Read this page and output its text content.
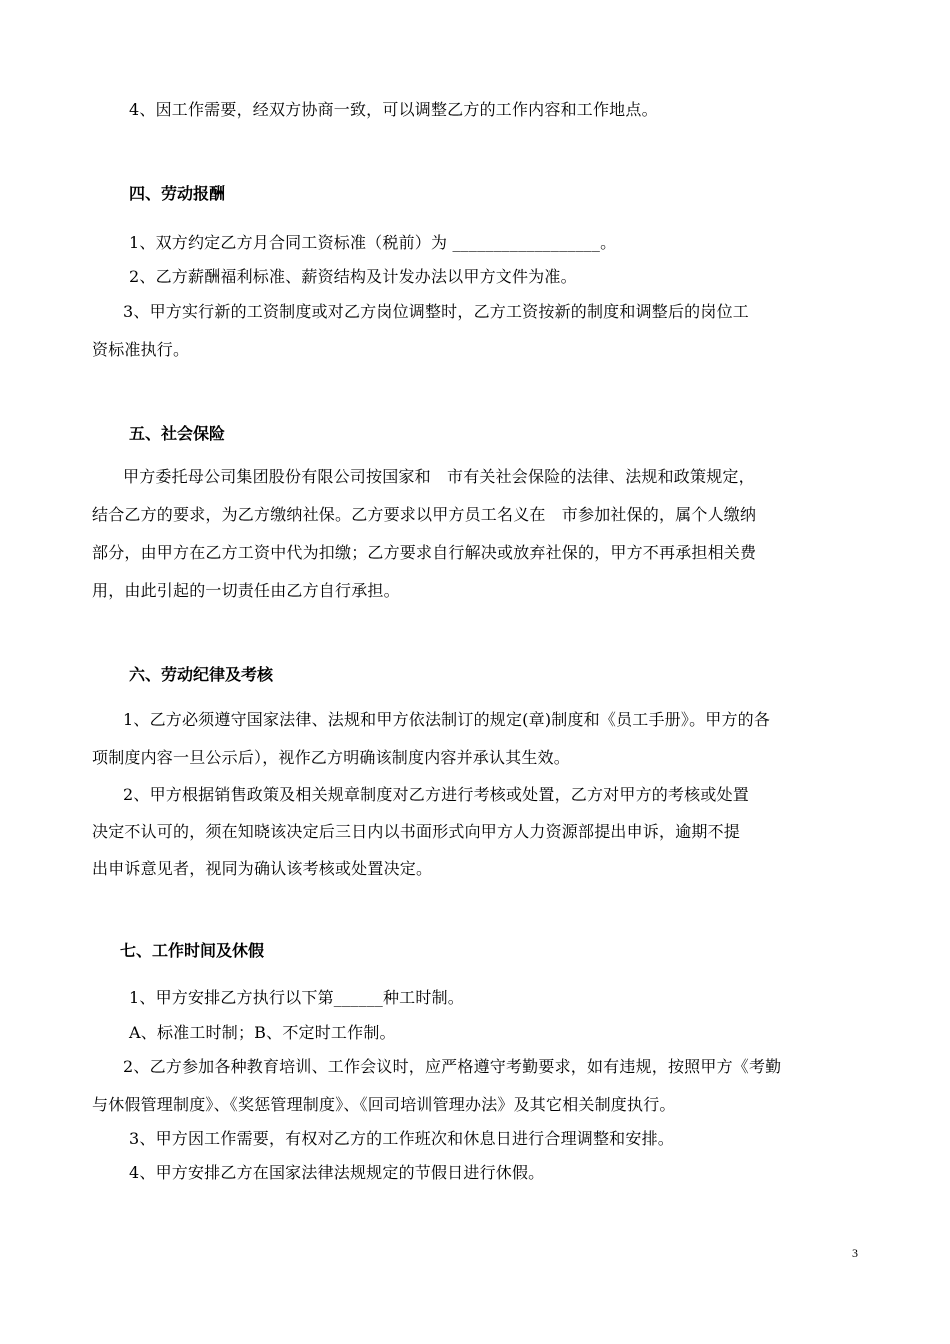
4、因工作需要，经双方协商一致，可以调整乙方的工作内容和工作地点。
四、劳动报酬
1、双方约定乙方月合同工资标准（税前）为 __________________。
2、乙方薪酬福利标准、薪资结构及计发办法以甲方文件为准。
3、甲方实行新的工资制度或对乙方岗位调整时，乙方工资按新的制度和调整后的岗位工
资标准执行。
五、社会保险
甲方委托母公司集团股份有限公司按国家和　市有关社会保险的法律、法规和政策规定，
结合乙方的要求，为乙方缴纳社保。乙方要求以甲方员工名义在　市参加社保的，属个人缴纳
部分，由甲方在乙方工资中代为扣缴；乙方要求自行解决或放弃社保的，甲方不再承担相关费
用，由此引起的一切责任由乙方自行承担。
六、劳动纪律及考核
1、乙方必须遵守国家法律、法规和甲方依法制订的规定(章)制度和《员工手册》。甲方的各
项制度内容一旦公示后），视作乙方明确该制度内容并承认其生效。
2、甲方根据销售政策及相关规章制度对乙方进行考核或处置，乙方对甲方的考核或处置
决定不认可的，须在知晓该决定后三日内以书面形式向甲方人力资源部提出申诉，逾期不提
出申诉意见者，视同为确认该考核或处置决定。
七、工作时间及休假
1、甲方安排乙方执行以下第______种工时制。
A、标准工时制；B、不定时工作制。
2、乙方参加各种教育培训、工作会议时，应严格遵守考勤要求，如有违规，按照甲方《考勤
与休假管理制度》、《奖惩管理制度》、《回司培训管理办法》及其它相关制度执行。
3、甲方因工作需要，有权对乙方的工作班次和休息日进行合理调整和安排。
4、甲方安排乙方在国家法律法规规定的节假日进行休假。
3
